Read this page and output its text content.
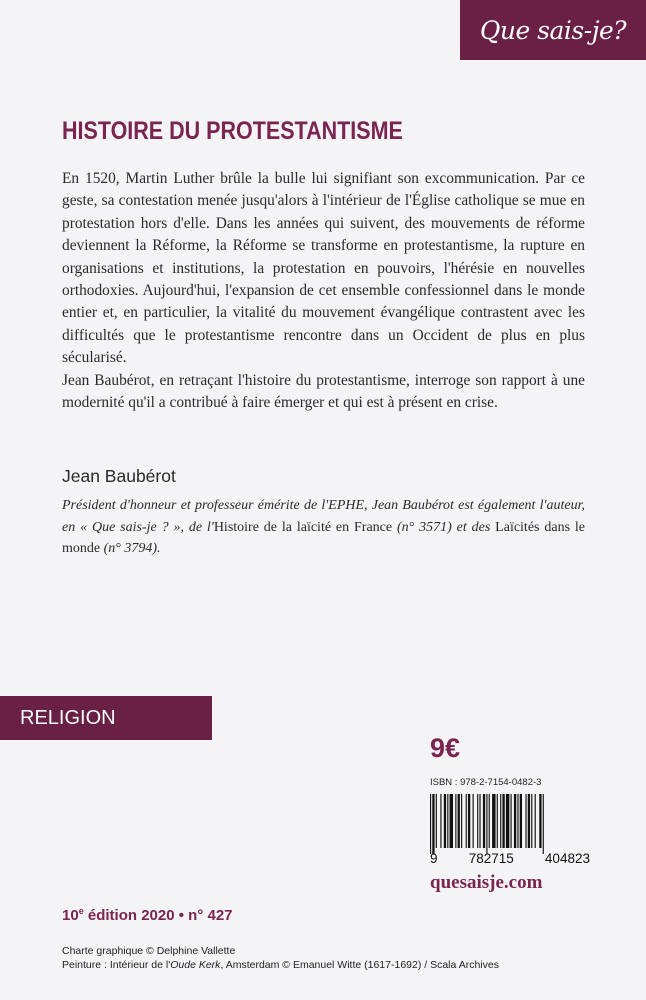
Que sais-je?
HISTOIRE DU PROTESTANTISME

En 1520, Martin Luther brûle la bulle lui signifiant son excommunication. Par ce geste, sa contestation menée jusqu'alors à l'intérieur de l'Église catholique se mue en protestation hors d'elle. Dans les années qui suivent, des mouvements de réforme deviennent la Réforme, la Réforme se transforme en protestantisme, la rupture en organisations et institutions, la protestation en pouvoirs, l'hérésie en nouvelles orthodoxies. Aujourd'hui, l'expansion de cet ensemble confessionnel dans le monde entier et, en particulier, la vitalité du mouvement évangélique contrastent avec les difficultés que le protestantisme rencontre dans un Occident de plus en plus sécularisé.

Jean Baubérot, en retraçant l'histoire du protestantisme, interroge son rapport à une modernité qu'il a contribué à faire émerger et qui est à présent en crise.

Jean Baubérot
Président d'honneur et professeur émérite de l'EPHE, Jean Baubérot est également l'auteur, en « Que sais-je ? », de l'Histoire de la laïcité en France (n° 3571) et des Laïcités dans le monde (n° 3794).
RELIGION
9€
ISBN : 978-2-7154-0482-3
9 782715 404823
quesaisje.com
10e édition 2020 • n° 427
Charte graphique © Delphine Vallette
Peinture : Intérieur de l'Oude Kerk, Amsterdam © Emanuel Witte (1617-1692) / Scala Archives
